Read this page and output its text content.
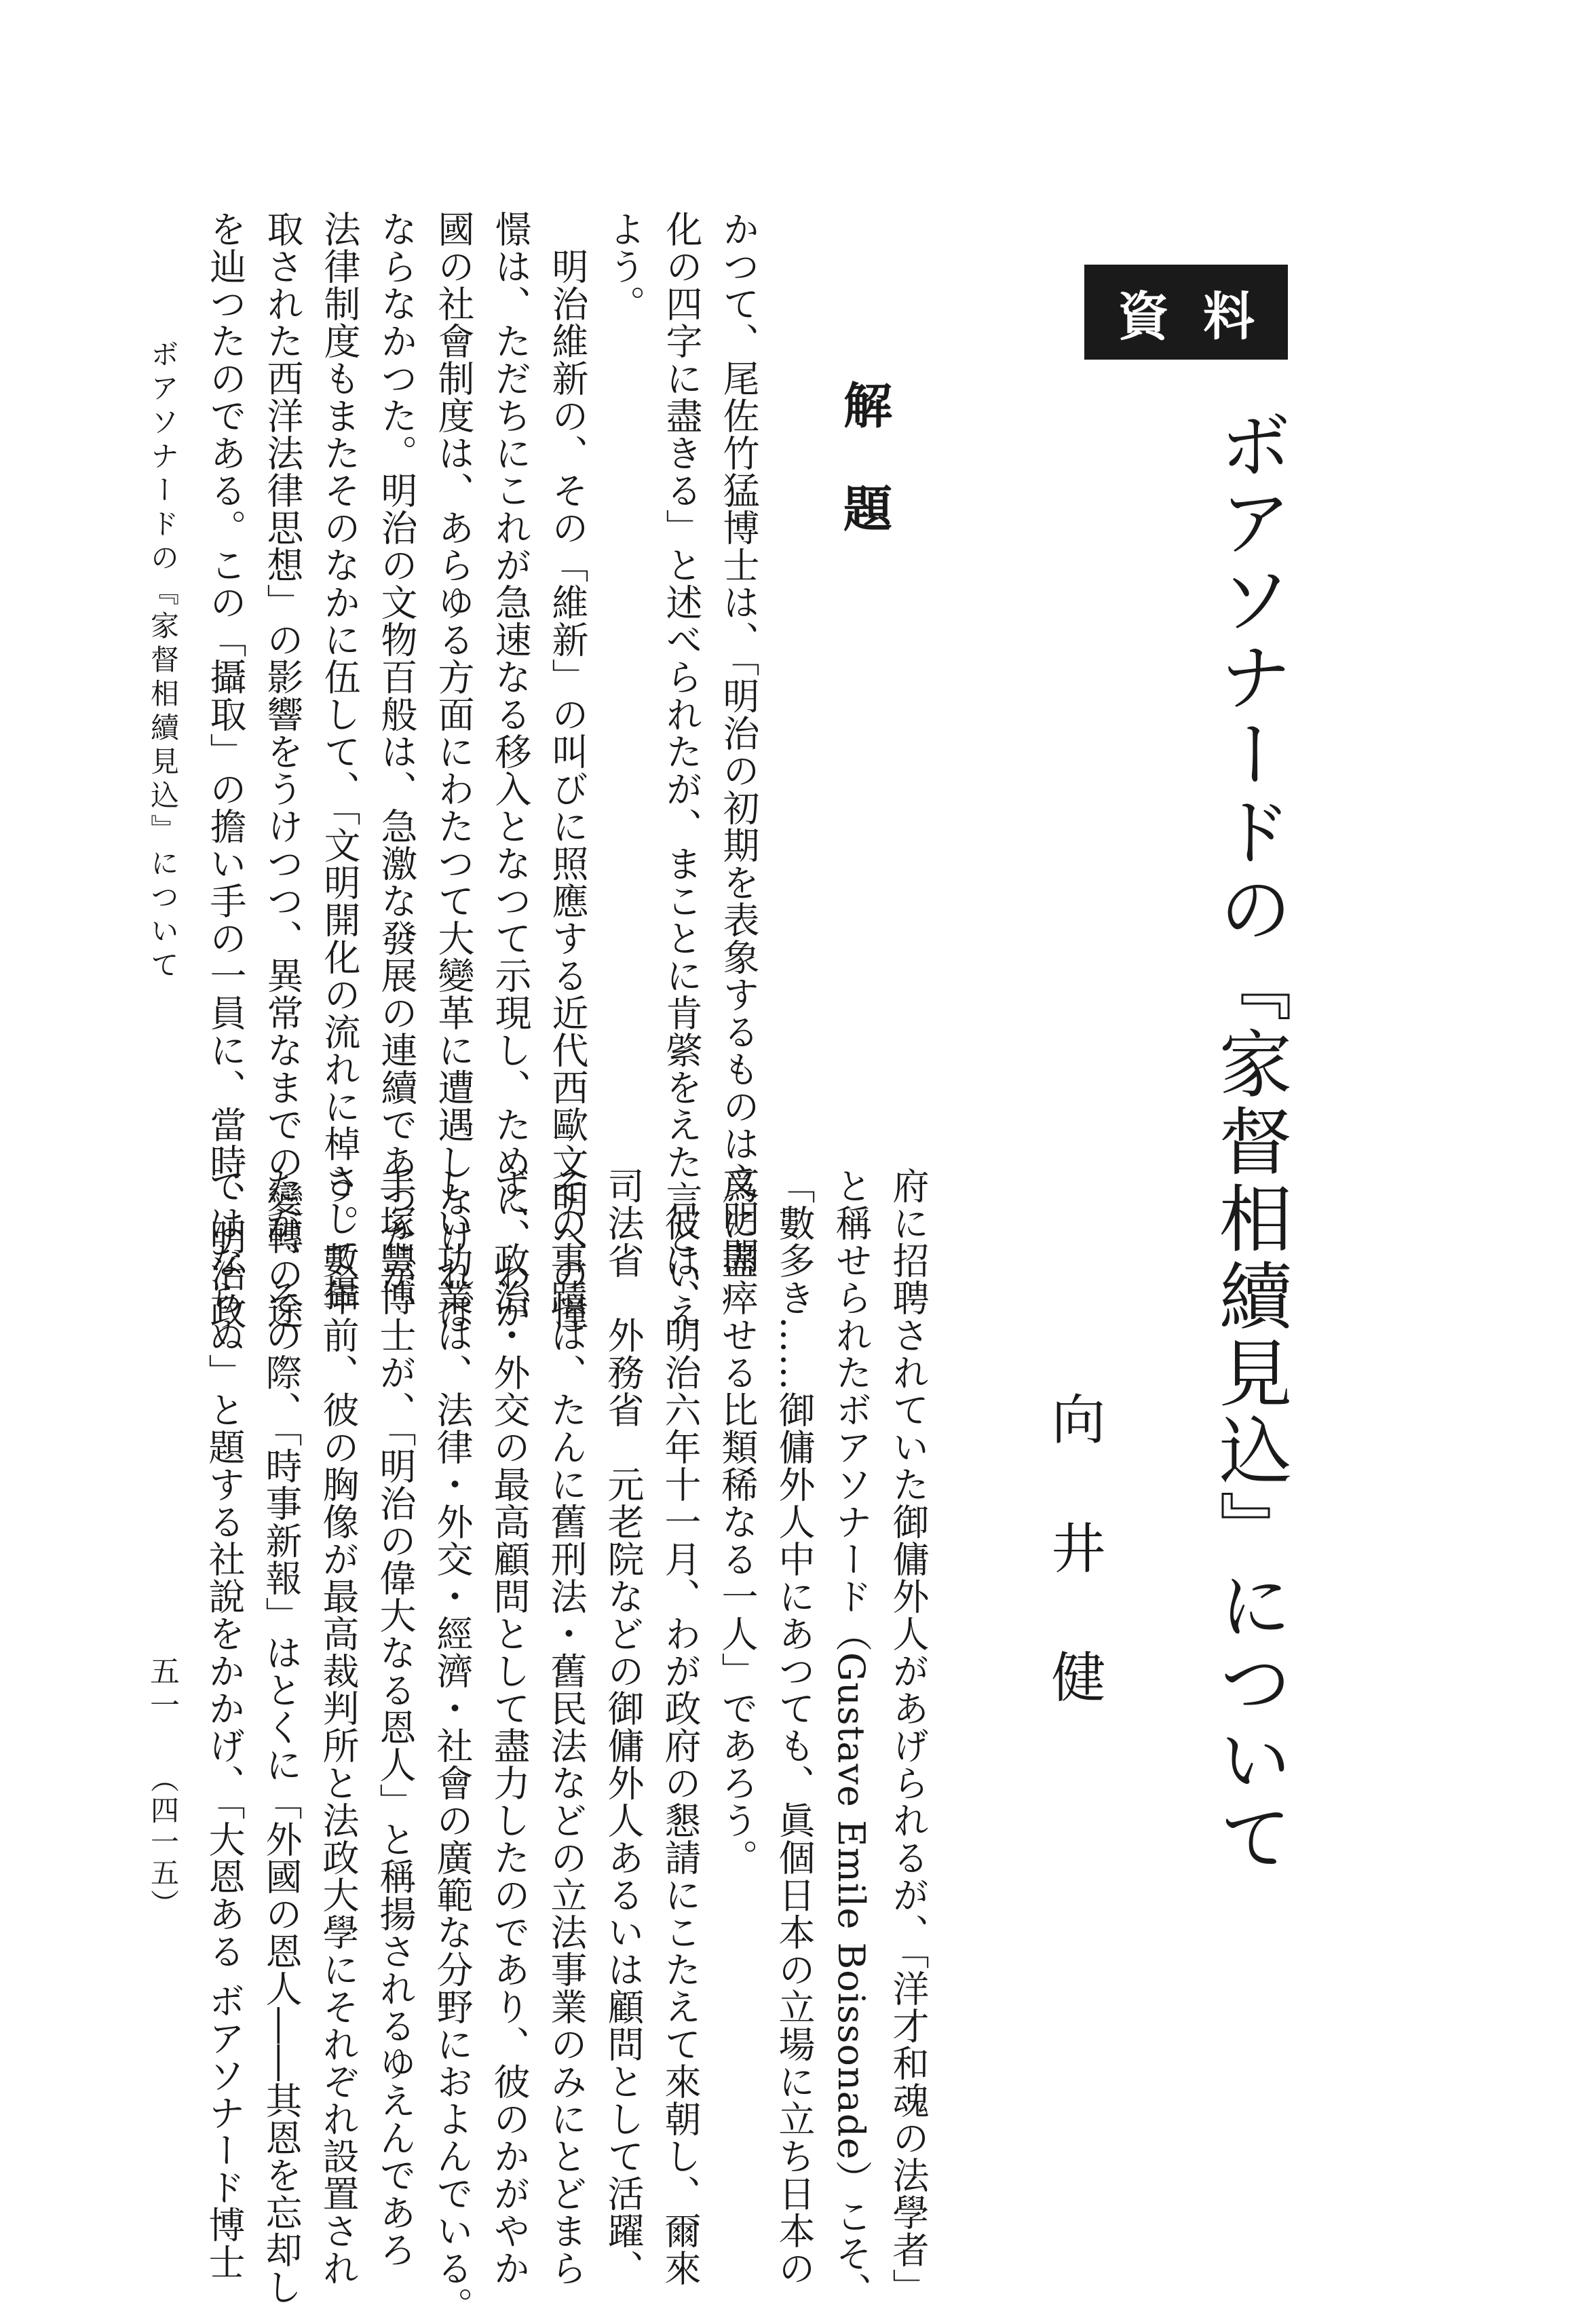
資料
ボアソナードの『家督相續見込』について
向井健
解題
かつて、尾佐竹猛博士は、「明治の初期を表象するものは文明開
化の四字に盡きる」と述べられたが、まことに肯綮をえた言といえ
よう。
　明治維新の、その「維新」の叫びに照應する近代西歐文明への憧
憬は、ただちにこれが急速なる移入となつて示現し、ために、わが
國の社會制度は、あらゆる方面にわたつて大變革に遭遇しなければ
ならなかつた。明治の文物百般は、急激な發展の連續であつたが、
法律制度もまたそのなかに伍して、「文明開化の流れに棹さして攝
取された西洋法律思想」の影響をうけつつ、異常なまでの變轉の途
を辿つたのである。この「攝取」の擔い手の一員に、當時、明治政
府に招聘されていた御傭外人があげられるが、「洋才和魂の法學者」
と稱せられたボアソナード（Gustave Emile Boissonade）こそ、
「數多き……御傭外人中にあつても、眞個日本の立場に立ち日本の
爲に盡瘁せる比類稀なる一人」であろう。
　彼は、明治六年十一月、わが政府の懇請にこたえて來朝し、爾來
司法省　外務省　元老院などの御傭外人あるいは顧問として活躍、
その事蹟は、たんに舊刑法・舊民法などの立法事業のみにとどまら
ず、政治・外交の最高顧問として盡力したのであり、彼のかがやか
しい功業は、法律・外交・經濟・社會の廣範な分野におよんでいる。
手塚豐博士が、「明治の偉大なる恩人」と稱揚されるゆえんであろ
う。數年前、彼の胸像が最高裁判所と法政大學にそれぞれ設置され
たが、その際、「時事新報」はとくに「外國の恩人――其恩を忘却し
てはならぬ」と題する社說をかかげ、「大恩ある ボアソナード博士
ボアソナードの『家督相續見込』について
五一
（四一五）
